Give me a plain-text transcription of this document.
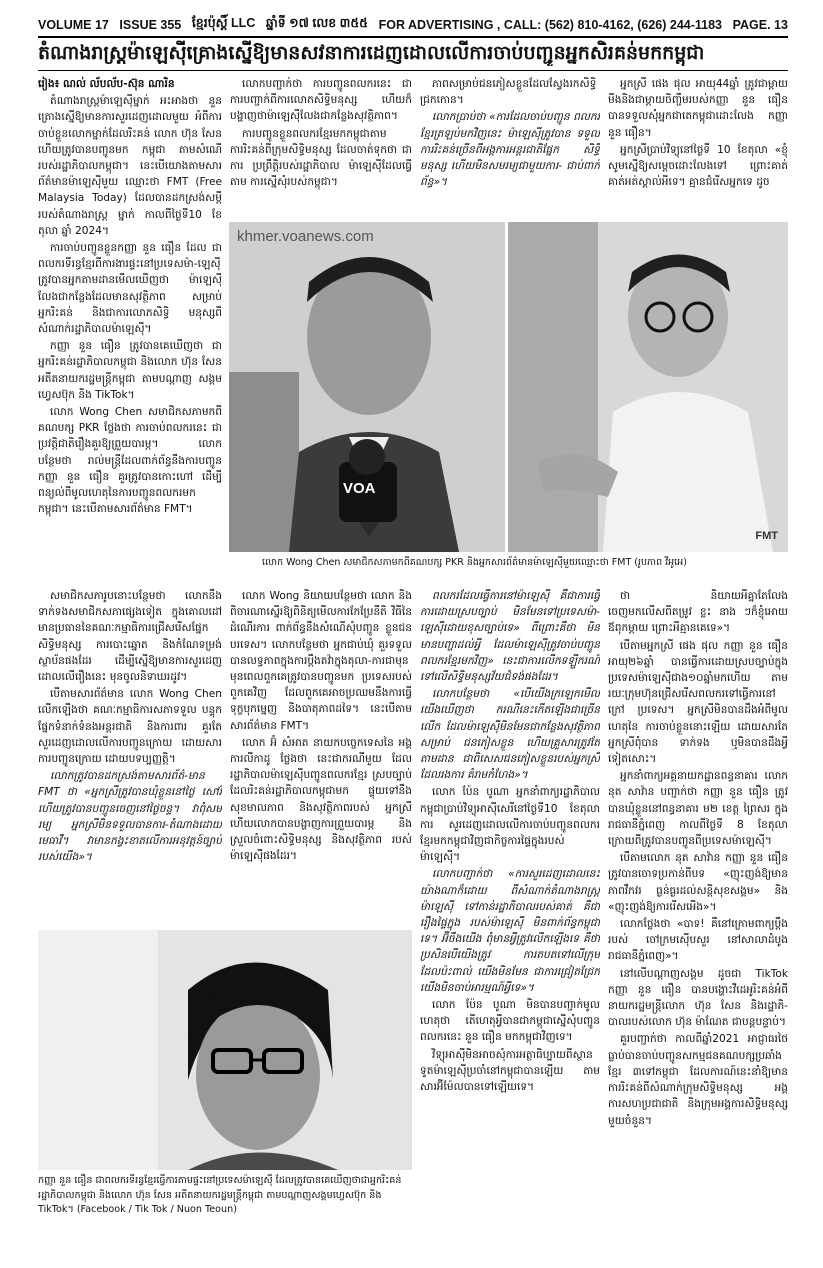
VOLUME 17 ISSUE 355 ខ្មែរប៉ុស្ដិ៍ LLC ឆ្នាំទី ១៧ លេខ ៣៥៥ FOR ADVERTISING , CALL: (562) 810-4162, (626) 244-1183 PAGE. 13
តំណាងរាស្ត្រម៉ាឡេស៊ីគ្រោងស្នើឱ្យមានសវនាការដេញដោលលើការចាប់បញ្ជូនអ្នកសិរគន់មកកម្ពុជា

រៀង៖ ណល់ ល័បល័ប-ស៊ុន ណារិន

តំណាងរាស្ត្រម៉ាឡេស៊ីម្នាក់ អះអាងថា នួន ត្រោងស្នើឱ្យមានការសួរដេញដោលមួយ អំពីការចាប់ខ្លួនលោកម្នាក់ដែលរិះគន់ លោក ហ៊ុន សែន ហើយត្រូវបានបញ្ជូនមក កម្ពុជា តាមសំណើរបស់រដ្ឋាភិបាលកម្ពុជា។ នេះបើយោងតាមសារព័ត៌មានម៉ាឡេស៊ីមួយ ឈ្មោះថា FMT (Free Malaysia Today) ដែលបានដកស្រង់សម្ដីរបស់តំណាងរាស្ត្រ ម្នាក់ កាលពីថ្ងៃទី10 ខែតុលា ឆ្នាំ 2024។

ការចាប់បញ្ជូនខ្លួនកញ្ញា នួន ធឿន ដែល ជាពលករទីរន្ធខ្មែរពីការងារផ្ទះនៅប្រទេសម៉ា-ឡេស៊ី ត្រូវបានអ្នកតាមដានមើលឃើញថា ម៉ាឡេស៊ីលែងជាកន្លែងដែលមានសុវត្ថិភាព សម្រាប់អ្នករិះគន់ និងជាការលោភសិទ្ធិ មនុស្សពីសំណាក់រដ្ឋាភិបាលម៉ាឡេស៊ី។

កញ្ញា នួន ធឿន ត្រូវបានគេឃើញថា ជា អ្នករិះគន់រដ្ឋាភិបាលកម្ពុជា និងលោក ហ៊ុន សែន អតីតនាយករដ្ឋមន្ត្រីកម្ពុជា តាមបណ្ដាញ សង្គមហ្វេសប៊ុក និង TikTok។

លោក Wong Chen សមាជិកសភាមកពី គណបក្ស PKR ថ្លែងថា ការចាប់ពលករនេះ ជាប្រវត្តិជាតិរឿងគួរឱ្យព្រួយបារម្ភ។ លោក បន្ថែមថា រាល់មន្ត្រីដែលពាក់ព័ន្ធនឹងការបញ្ជូន កញ្ញា នួន ធឿន គួរត្រូវបានកោះហៅ ដើម្បី ពន្យល់ពីមូលហេតុនៃការបញ្ជូនពលករមក កម្ពុជា។ នេះបើតាមសារព័ត៌មាន FMT។

សមាជិកសភារូបនោះបន្ថែមថា លោកនឹង ទាក់ទងសមាជិកសភាផ្សេងទៀត ក្នុងគោលដៅ មានប្រធាននៃគណៈកម្មាធិការជ្រើសរើសផ្នែក សិទ្ធិមនុស្ស ការបោះឆ្នោត និងកំណែទម្រង់ ស្ថាប័នផងដែរ ដើម្បីស្នើឱ្យមានការសួរដេញ ដោលលើរឿងនេះ មុនចូលនិទាឃរដូវ។

បើតាមសារព័ត៌មាន លោក Wong Chen លើកឡើងថា គណៈកម្មាធិការសភាទទួល បន្ទុកផ្នែកទំនាក់ទំនងអន្តរជាតិ និងការពារ គួរតែ សួរដេញដោលលើការបញ្ជូនក្រោយ ដោយសារការបញ្ជូនក្រោយ ដោយបទប្បញ្ញត្តិ។

លោកត្រូវបានដកស្រង់តាមសារព័ត៌-មាន FMT ថា «អ្នកស្រីត្រូវបានឃុំខ្លួននៅថ្ងៃ សៅរ៍ហើយត្រូវបានបញ្ជូនចេញនៅថ្ងៃចន្ទ។ វាពុំសមរម្យ អ្នកស្រីមិនទទួលបានការ-តំណាងដោយមេធាវី។ វាមានកង្វះខាតលើការអនុវត្តន៍ច្បាប់របស់យើង»។

លោកបញ្ជាក់ថា ការបញ្ជូនពលករនេះ ជា ការបញ្ជាក់ពីការលោភសិទ្ធិមនុស្ស ហើយក៏ បង្ហាញថាម៉ាឡេស៊ីលែងជាកន្លែងសុវត្ថិភាព។

ការបញ្ជូនខ្លួនពលករខ្មែរមកកម្ពុជាតាម ការរិះគន់ពីក្រុមសិទ្ធិមនុស្ស ដែលចាត់ទុកថា ជាការ ប្រព្រឹត្តិរបស់រដ្ឋាភិបាល ម៉ាឡេស៊ីដែលធ្វើតាម ការស្នើសុំរបស់កម្ពុជា។

ភាពសម្រាប់ជនភៀសខ្លួនដែលស្វែងរកសិទ្ធិជ្រកកោន។

លោកប្រាប់ថា «ការដែលចាប់បញ្ជូន ពលករខ្មែរត្រឡប់មកវិញនេះ ម៉ាឡេស៊ីត្រូវបាន ទទួលការរិះគន់ច្រើនពីអង្គការអន្តរជាតិផ្នែក សិទ្ធិមនុស្ស ហើយមិនសមរម្យជាមួយការ- ជាប់ពាក់ព័ន្ធ»។

អ្នកស្រី ផេង ផុល អាយុ44ឆ្នាំ ត្រូវជាម្ដាយ មីងនិងជាម្ដាយចិញ្ចឹមរបស់កញ្ញា នួន ធឿន បានទទួលសុំអ្នកជាតេកម្ពុជាដោះលែង កញ្ញា នួន ធឿន។

អ្នកស្រីប្រាប់វិទ្យុនៅថ្ងៃទី 10 ខែតុលា «ខ្ញុំសូមស្នើឱ្យសម្ដេចដោះលែងទៅ ព្រោះគាត់ គាត់អត់ស្គាល់អីទេ។ គ្មានជំរើសអ្នកទេ ដូច

khmer.voanews.com
VOA
FMT
លោក Wong Chen សមាជិកសភាមកពីគណបក្ស PKR និងអ្នកសារព័ត៌មានម៉ាឡេស៊ីមួយឈ្មោះថា FMT (រូបភាព វីអូអេ)

លោក Wong និយាយបន្ថែមថា លោក និងពិចារណាស្នើរឱ្យពិនិត្យមើលការកែប្រែនីតិ វិធីនៃដំណើរការ ពាក់ព័ន្ធនឹងសំណើសុំបញ្ជូន ខ្លួនជនបរទេស។ លោកបន្ថែមថា អ្នកជាប់ឃុំ គួរទទួលបានលទ្ធភាពក្នុងការប្ដឹងតវ៉ាក្នុងតុលា-ការជាមុន មុនពេលពួកគេត្រូវបានបញ្ជូនមក ប្រទេសរបស់ពួកគេវិញ ដែលពួកគេអាចប្រឈមនឹងការធ្វើទុក្ខបុកម្នេញ និងបាតុភាពដទៃ។ នេះបើតាម សារព័ត៌មាន FMT។

លោក អ៊ំ សំអាត នាយកបច្ចេកទេសនៃ អង្គការលីកាដូ ថ្លែងថា នេះជាករណីមួយ ដែលរដ្ឋាភិបាលម៉ាឡេស៊ីបញ្ជូនពលករខ្មែរ ស្របច្បាប់ដែលរិះគន់រដ្ឋាភិបាលកម្ពុជាមក ផ្ទុយទៅនឹងសុខមាលភាព និងសុវត្ថិភាពរបស់ អ្នកស្រី ហើយលោកបានបង្ហាញការព្រួយបារម្ភ និងស្រួលចំពោះសិទ្ធិមនុស្ស និងសុវត្ថិភាព របស់ម៉ាឡេស៊ីផងដែរ។

ពលករដែលធ្វើការនៅម៉ាឡេស៊ី គឺជាការធ្វើ ការដោយស្របច្បាប់ មិនមែនទៅប្រទេសម៉ា-ឡេស៊ីដោយខុសច្បាប់ទេ» ពីព្រោះគឺថា មិន មានបញ្ហាដល់អ្វី ដែលម៉ាឡេស៊ីត្រូវចាប់បញ្ជូន ពលករខ្មែរមកវិញ» នេះជាការលើកទឡ្ហីករណ៍ទៅលើសិទ្ធិមនុស្សវ័យជំទង់ផងដែរ។

លោកបន្ថែមថា «បើយើងក្រឡេកមើល យើងឃើញថា ករណីនេះកើតឡើងជាច្រើនលើក ដែលម៉ាឡេស៊ីមិនមែនជាកន្លែងសុវត្ថិភាពសម្រាប់ ជនភៀសខ្លួន ហើយគ្រួសារត្រូវតែតាមដាន ជាពិសេសជនភៀសខ្លួនរបស់អ្នកស្រី ដែលរងការ គំរាមកំហែង»។

លោក ប៉ែន បូណា អ្នកនាំពាក្យរដ្ឋាភិបាល កម្ពុជាប្រាប់វិទ្យុអាស៊ីសេរីនៅថ្ងៃទី10 ខែតុលា ការ សួរដេញដោលលើការចាប់បញ្ជូនពលករ ខ្មែរមកកម្ពុជាវិញជាកិច្ចការផ្ទៃក្នុងរបស់ម៉ាឡេស៊ី។

លោកបញ្ជាក់ថា «ការសួរដេញដោលនេះ យ៉ាងណាក៏ដោយ ពីសំណាក់តំណាងរាស្ត្រម៉ាឡេស៊ី ទៅកាន់រដ្ឋាភិបាលរបស់គាត់ គឺជារឿងផ្ទៃក្នុង របស់ម៉ាឡេស៊ី មិនពាក់ព័ន្ធកម្ពុជាទេ។ អ៊ីចឹងយើង ពុំមានអ្វីត្រូវលើកឡើងទេ គឺថា ប្រសិនបើយើងត្រូវ ការតបតទៅលើក្រុមដែលប៉ះពាល់ យើងមិនមែន ជាការជ្រៀតជ្រែក យើងមិនចាប់អារម្មណ៍អ្វីទេ»។

លោក ប៉ែន បូណា មិនបានបញ្ជាក់មូល ហេតុថា តើហេតុអ្វីបានជាកម្ពុជាស្នើសុំបញ្ជូនពលករនេះ នួន ធឿន មកកម្ពុជាវិញទេ។

វិទ្យុអាស៊ីមិនអាចសុំការអត្ថាធិប្បាយពីស្ថាន ទូតម៉ាឡេស៊ីប្រចាំនៅកម្ពុជាបានឡើយ តាម សារអ៊ីម៉ែលបានទៅឡើយទេ។

ថា និយាយអីគ្នាតែលែងចេញមកលើសពីតម្រូវ ខ្លះ នាង ៗក៏ខ្ញុំអោយឪពុកម្ដាយ ព្រោះអីគ្មានគេទេ»។

បើតាមអ្នកស្រី ផេង ផុល កញ្ញា នួន ធឿន អាយុ២៦ឆ្នាំ បានធ្វើការដោយស្របច្បាប់ក្នុង ប្រទេសម៉ាឡេស៊ីជាង១០ឆ្នាំមកហើយ តាម រយៈក្រុមហ៊ុនជ្រើសរើសពលករទៅធ្វើការនៅក្រៅ ប្រទេស។ អ្នកស្រីមិនបានដឹងអំពីមូលហេតុនៃ ការចាប់ខ្លួននោះឡើយ ដោយសារតែអ្នកស្រីពុំបាន ទាក់ទង ឬមិនបានដឹងអ្វីទៀតសោះ។

អ្នកនាំពាក្យអគ្គនាយកដ្ឋានពន្ធនាគារ លោក នុត សាវ៉ាន បញ្ជាក់ថា កញ្ញា នួន ធឿន ត្រូវបានឃុំខ្លួននៅពន្ធនាគារ ម២ ខេត្ត ព្រៃសរ ក្នុងរាជធានីភ្នំពេញ កាលពីថ្ងៃទី 8 ខែតុលា ក្រោយពីត្រូវបានបញ្ជូនពីប្រទេសម៉ាឡេស៊ី។

បើតាមលោក នុត សាវ៉ាន កញ្ញា នួន ធឿន ត្រូវបានចោទប្រកាន់ពីបទ «ញុះញង់ឱ្យមានភាពវឹកវរ ធ្ងន់ធ្ងរដល់សន្តិសុខសង្គម» និង «ញុះញង់ឱ្យការរើសអើង»។

លោកថ្លែងថា «បាទ! គឺនៅក្រោមពាក្យប្ដឹងរបស់ ចៅក្រមស៊ើបសួរ នៅសាលាដំបូងរាជធានីភ្នំពេញ»។

នៅលើបណ្ដាញសង្គម ដូចជា TikTok កញ្ញា នួន ធឿន បានបង្ហោះវីដេអូរិះគន់អំពី នាយករដ្ឋមន្ត្រីលោក ហ៊ុន សែន និងរដ្ឋាភិ-បាលរបស់លោក ហ៊ុន ម៉ាណែត ជាបន្តបន្ទាប់។

គួរបញ្ជាក់ថា កាលពីឆ្នាំ2021 អាជ្ញាធរថៃ ធ្លាប់បានចាប់បញ្ជូនសកម្មជនគណបក្សប្រឆាំងខ្មែរ ៣ទៅកម្ពុជា ដែលការណ៍នេះនាំឱ្យមានការរិះគន់ពីសំណាក់ក្រុមសិទ្ធិមនុស្ស អង្គការសហប្រជាជាតិ និងក្រុមអង្គការសិទ្ធិមនុស្សមួយចំនួន។

កញ្ញា នួន ធឿន ជាពលករទីរន្ធខ្មែរធ្វើការតាមផ្ទះនៅប្រទេសម៉ាឡេស៊ី ដែលត្រូវបានគេឃើញថាជាអ្នករិះគន់រដ្ឋាភិបាលកម្ពុជា និងលោក ហ៊ុន សែន អតីតនាយករដ្ឋមន្ត្រីកម្ពុជា តាមបណ្ដាញសង្គមហ្វេសប៊ុក និង TikTok។ (Facebook / Tik Tok / Nuon Teoun)
